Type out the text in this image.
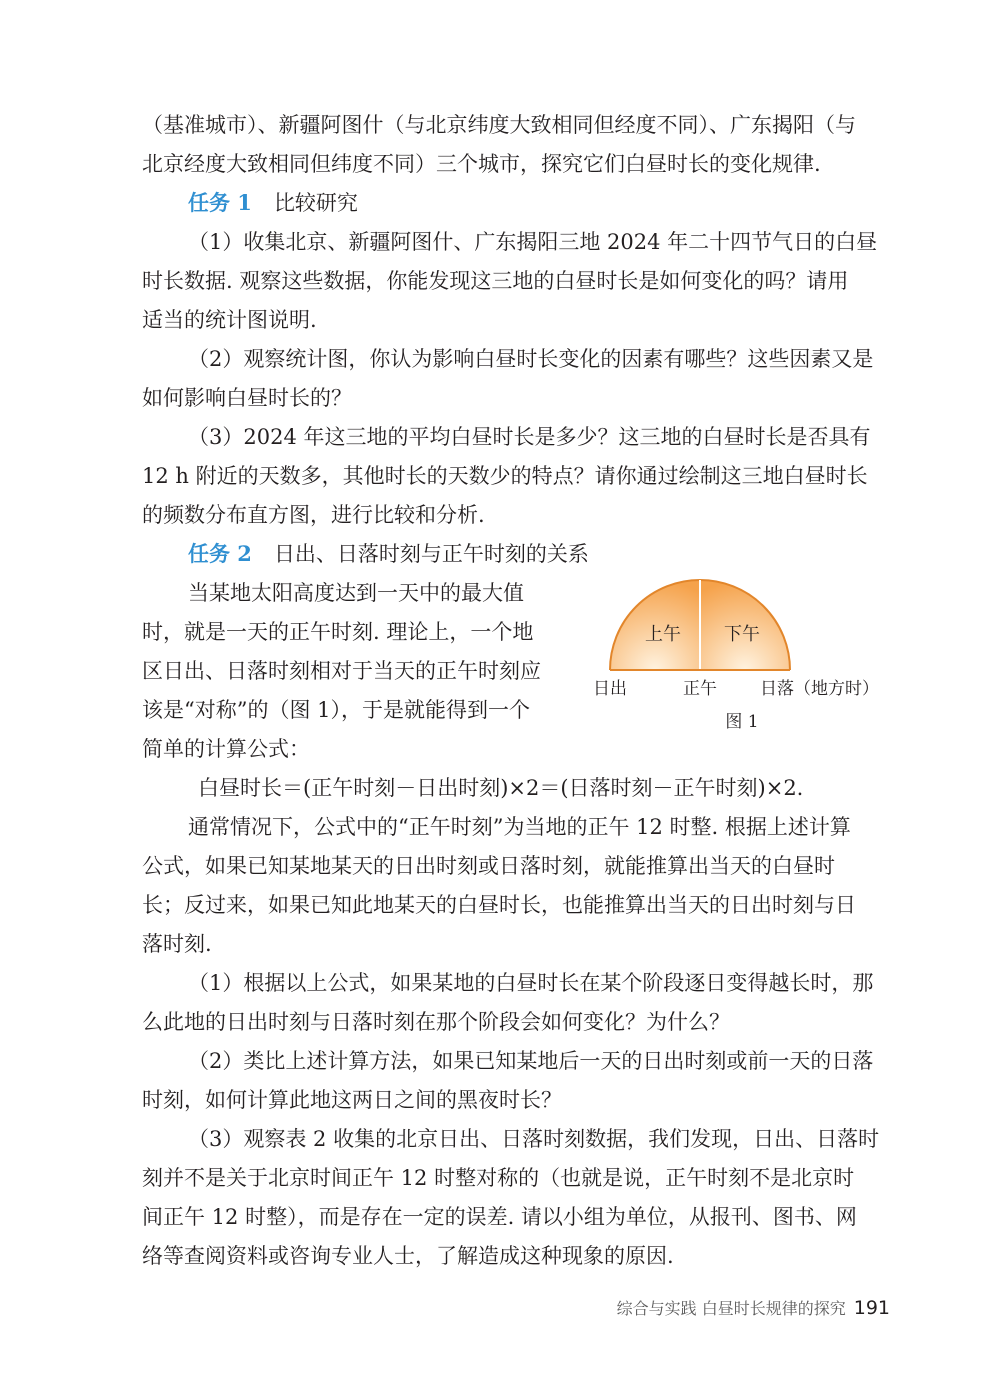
（基准城市）、新疆阿图什（与北京纬度大致相同但经度不同）、广东揭阳（与
北京经度大致相同但纬度不同）三个城市，探究它们白昼时长的变化规律.
任务 1 比较研究
（1）收集北京、新疆阿图什、广东揭阳三地 2024 年二十四节气日的白昼
时长数据. 观察这些数据，你能发现这三地的白昼时长是如何变化的吗？请用
适当的统计图说明.
（2）观察统计图，你认为影响白昼时长变化的因素有哪些？这些因素又是
如何影响白昼时长的？
（3）2024 年这三地的平均白昼时长是多少？这三地的白昼时长是否具有
12 h 附近的天数多，其他时长的天数少的特点？请你通过绘制这三地白昼时长
的频数分布直方图，进行比较和分析.
任务 2 日出、日落时刻与正午时刻的关系
当某地太阳高度达到一天中的最大值
时，就是一天的正午时刻. 理论上，一个地
区日出、日落时刻相对于当天的正午时刻应
该是“对称”的（图 1），于是就能得到一个
简单的计算公式：
上午 下午
日出	正午	日落（地方时）
图 1
白昼时长＝(正午时刻－日出时刻)×2＝(日落时刻－正午时刻)×2.
通常情况下，公式中的“正午时刻”为当地的正午 12 时整. 根据上述计算
公式，如果已知某地某天的日出时刻或日落时刻，就能推算出当天的白昼时
长；反过来，如果已知此地某天的白昼时长，也能推算出当天的日出时刻与日
落时刻.
（1）根据以上公式，如果某地的白昼时长在某个阶段逐日变得越长时，那
么此地的日出时刻与日落时刻在那个阶段会如何变化？为什么？
（2）类比上述计算方法，如果已知某地后一天的日出时刻或前一天的日落
时刻，如何计算此地这两日之间的黑夜时长？
（3）观察表 2 收集的北京日出、日落时刻数据，我们发现，日出、日落时
刻并不是关于北京时间正午 12 时整对称的（也就是说，正午时刻不是北京时
间正午 12 时整），而是存在一定的误差. 请以小组为单位，从报刊、图书、网
络等查阅资料或咨询专业人士，了解造成这种现象的原因.
综合与实践 白昼时长规律的探究 191
